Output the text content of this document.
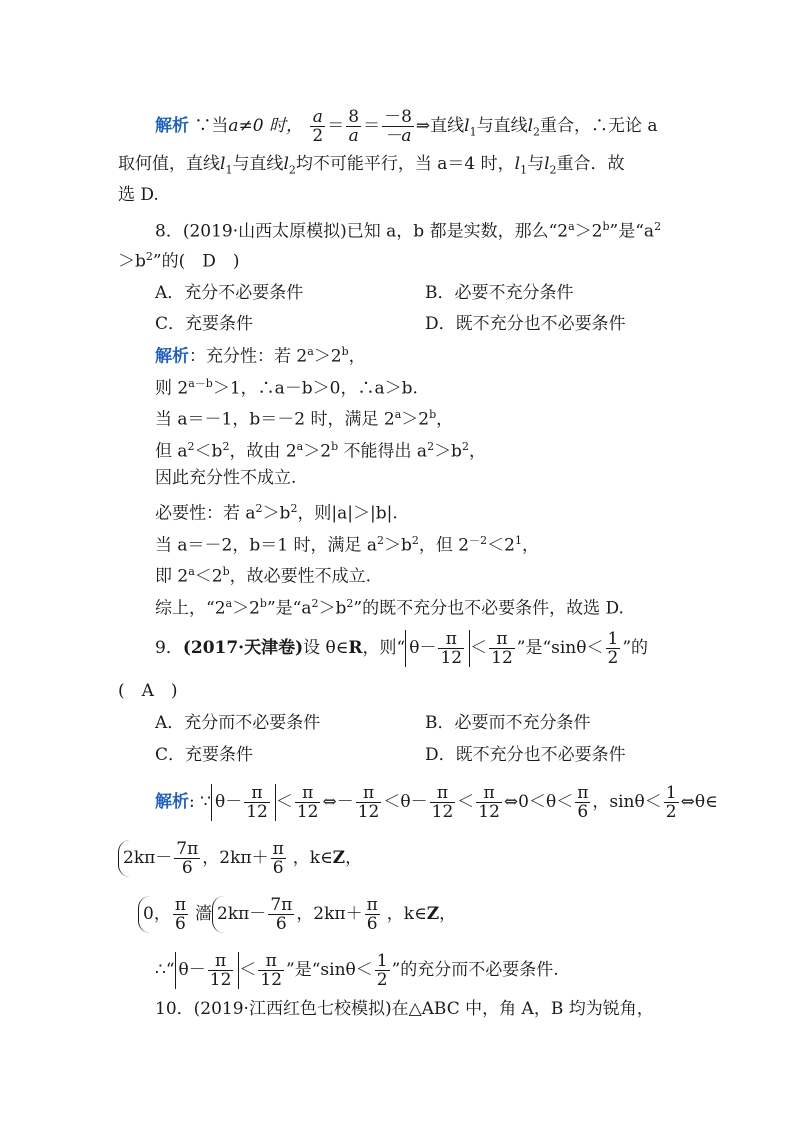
解析 ∵当a≠0 时， $\frac{a}{2} = \frac{8}{a} = \frac{-8}{-a}$ ⇒直线$l_1$与直线$l_2$重合，∴无论 a
取何值，直线$l_1$与直线$l_2$均不可能平行，当 a＝4 时，$l_1$与$l_2$重合．故
选 D.
8．(2019·山西太原模拟)已知 a，b 都是实数，那么“$2^a>2^b$”是“$a^2$
$>b^2$”的(　D　)
A．充分不必要条件	B．必要不充分条件
C．充要条件	D．既不充分也不必要条件
解析：充分性：若 $2^a>2^b$，
则 $2^{a-b}>1$，∴a－b＞0，∴a＞b.
当 a＝－1，b＝－2 时，满足 $2^a>2^b$，
但 $a^2<b^2$，故由 $2^a>2^b$ 不能得出 $a^2>b^2$，
因此充分性不成立.
必要性：若 $a^2>b^2$，则|a|＞|b|.
当 a＝－2，b＝1 时，满足 $a^2>b^2$，但 $2^{-2}<2^1$，
即 $2^a<2^b$，故必要性不成立.
综上，“$2^a>2^b$”是“$a^2>b^2$”的既不充分也不必要条件，故选 D.
9．(2017·天津卷)设 θ∈R，则“ $\theta- \frac{\pi}{12} < \frac{\pi}{12}$ ”是“$\sin\theta< \frac{1}{2}$ ”的
(　A　)
A．充分而不必要条件	B．必要而不充分条件
C．充要条件	D．既不充分也不必要条件
解析: ∵ $\theta- \frac{\pi}{12} < \frac{\pi}{12}$ ⇔－ $\frac{\pi}{12} <\theta- \frac{\pi}{12} < \frac{\pi}{12}$ ⇔0＜θ＜ $\frac{\pi}{6}$ ，$\sin\theta< \frac{1}{2}$ ⇔θ∈
$2k\pi- \frac{7\pi}{6}$ ，$2k\pi+ \frac{\pi}{6}$ ，k∈Z，
0， $\frac{\pi}{6}$ 濇 $2k\pi- \frac{7\pi}{6}$ ，$2k\pi+ \frac{\pi}{6}$ ，k∈Z，
∴“ $\theta- \frac{\pi}{12} < \frac{\pi}{12}$ ”是“$\sin\theta< \frac{1}{2}$ ”的充分而不必要条件.
10．(2019·江西红色七校模拟)在△ABC 中，角 A，B 均为锐角，
